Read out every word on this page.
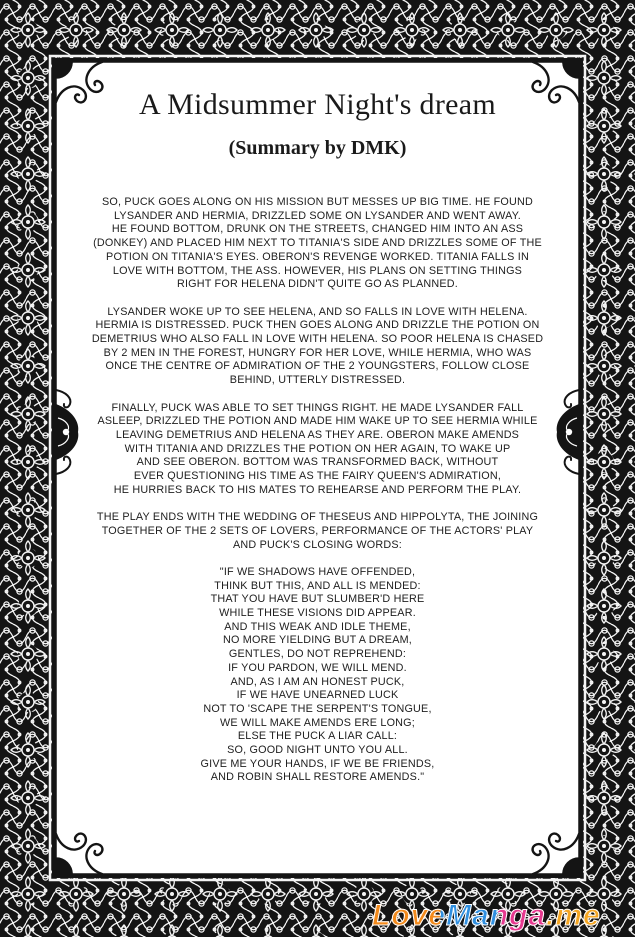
A Midsummer Night's dream
(Summary by DMK)

SO, PUCK GOES ALONG ON HIS MISSION BUT MESSES UP BIG TIME. HE FOUND
LYSANDER AND HERMIA, DRIZZLED SOME ON LYSANDER AND WENT AWAY.
HE FOUND BOTTOM, DRUNK ON THE STREETS, CHANGED HIM INTO AN ASS
(DONKEY) AND PLACED HIM NEXT TO TITANIA'S SIDE AND DRIZZLES SOME OF THE
POTION ON TITANIA'S EYES. OBERON'S REVENGE WORKED. TITANIA FALLS IN
LOVE WITH BOTTOM, THE ASS. HOWEVER, HIS PLANS ON SETTING THINGS
RIGHT FOR HELENA DIDN'T QUITE GO AS PLANNED.

LYSANDER WOKE UP TO SEE HELENA, AND SO FALLS IN LOVE WITH HELENA.
HERMIA IS DISTRESSED. PUCK THEN GOES ALONG AND DRIZZLE THE POTION ON
DEMETRIUS WHO ALSO FALL IN LOVE WITH HELENA. SO POOR HELENA IS CHASED
BY 2 MEN IN THE FOREST, HUNGRY FOR HER LOVE, WHILE HERMIA, WHO WAS
ONCE THE CENTRE OF ADMIRATION OF THE 2 YOUNGSTERS, FOLLOW CLOSE
BEHIND, UTTERLY DISTRESSED.

FINALLY, PUCK WAS ABLE TO SET THINGS RIGHT. HE MADE LYSANDER FALL
ASLEEP, DRIZZLED THE POTION AND MADE HIM WAKE UP TO SEE HERMIA WHILE
LEAVING DEMETRIUS AND HELENA AS THEY ARE. OBERON MAKE AMENDS
WITH TITANIA AND DRIZZLES THE POTION ON HER AGAIN, TO WAKE UP
AND SEE OBERON. BOTTOM WAS TRANSFORMED BACK, WITHOUT
EVER QUESTIONING HIS TIME AS THE FAIRY QUEEN'S ADMIRATION,
HE HURRIES BACK TO HIS MATES TO REHEARSE AND PERFORM THE PLAY.

THE PLAY ENDS WITH THE WEDDING OF THESEUS AND HIPPOLYTA, THE JOINING
TOGETHER OF THE 2 SETS OF LOVERS, PERFORMANCE OF THE ACTORS' PLAY
AND PUCK'S CLOSING WORDS:

"IF WE SHADOWS HAVE OFFENDED,
THINK BUT THIS, AND ALL IS MENDED:
THAT YOU HAVE BUT SLUMBER'D HERE
WHILE THESE VISIONS DID APPEAR.
AND THIS WEAK AND IDLE THEME,
NO MORE YIELDING BUT A DREAM,
GENTLES, DO NOT REPREHEND:
IF YOU PARDON, WE WILL MEND.
AND, AS I AM AN HONEST PUCK,
IF WE HAVE UNEARNED LUCK
NOT TO 'SCAPE THE SERPENT'S TONGUE,
WE WILL MAKE AMENDS ERE LONG;
ELSE THE PUCK A LIAR CALL:
SO, GOOD NIGHT UNTO YOU ALL.
GIVE ME YOUR HANDS, IF WE BE FRIENDS,
AND ROBIN SHALL RESTORE AMENDS."

LoveManga.me
